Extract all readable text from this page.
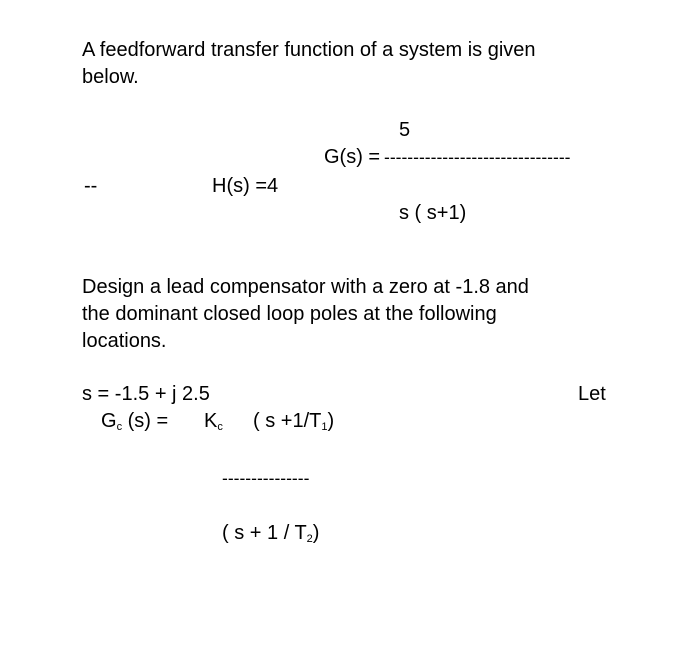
A feedforward transfer function of a system is given
below.
5
G(s) = --------------------------------
--	H(s) =4
s ( s+1)
Design a lead compensator with a zero at -1.8 and
the dominant closed loop poles at the following
locations.
s = -1.5 + j 2.5	Let
$G_c$ $(s) = K_c$ ( $s +1/T_1$)
---------------
( $s + 1 / T_2$)
